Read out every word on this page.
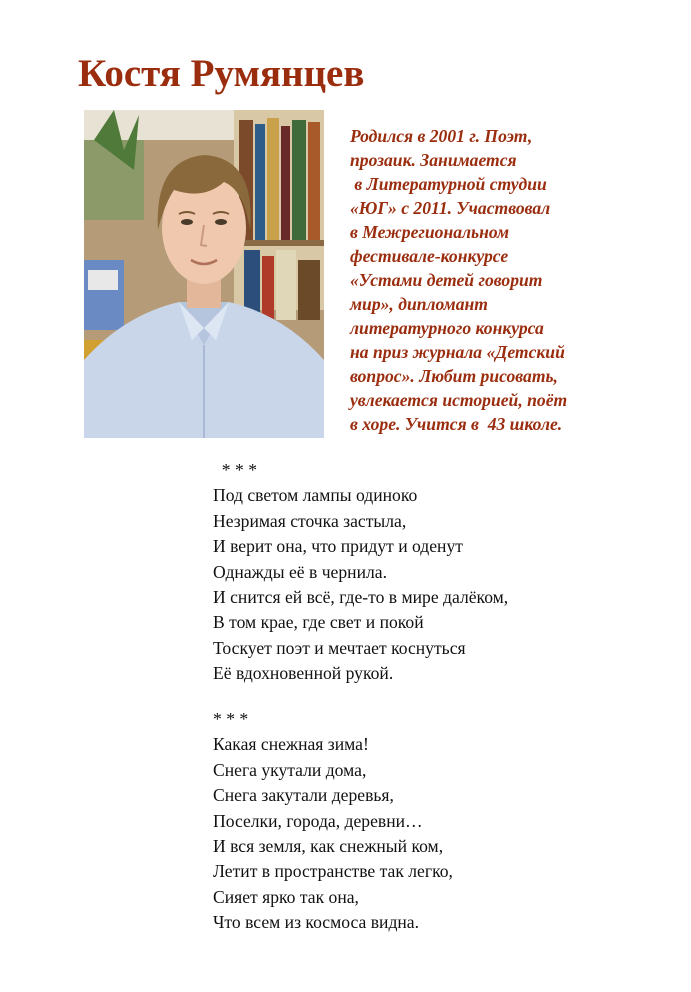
Костя Румянцев
Родился в 2001 г. Поэт,
прозаик. Занимается
в Литературной студии
«ЮГ» с 2011. Участвовал
в Межрегиональном
фестивале-конкурсе
«Устами детей говорит
мир», дипломант
литературного конкурса
на приз журнала «Детский
вопрос». Любит рисовать,
увлекается историей, поёт
в хоре. Учится в  43 школе.
* * *
Под светом лампы одиноко
Незримая сточка застыла,
И верит она, что придут и оденут
Однажды её в чернила.
И снится ей всё, где-то в мире далёком,
В том крае, где свет и покой
Тоскует поэт и мечтает коснуться
Её вдохновенной рукой.
* * *
Какая снежная зима!
Снега укутали дома,
Снега закутали деревья,
Поселки, города, деревни…
И вся земля, как снежный ком,
Летит в пространстве так легко,
Сияет ярко так она,
Что всем из космоса видна.
